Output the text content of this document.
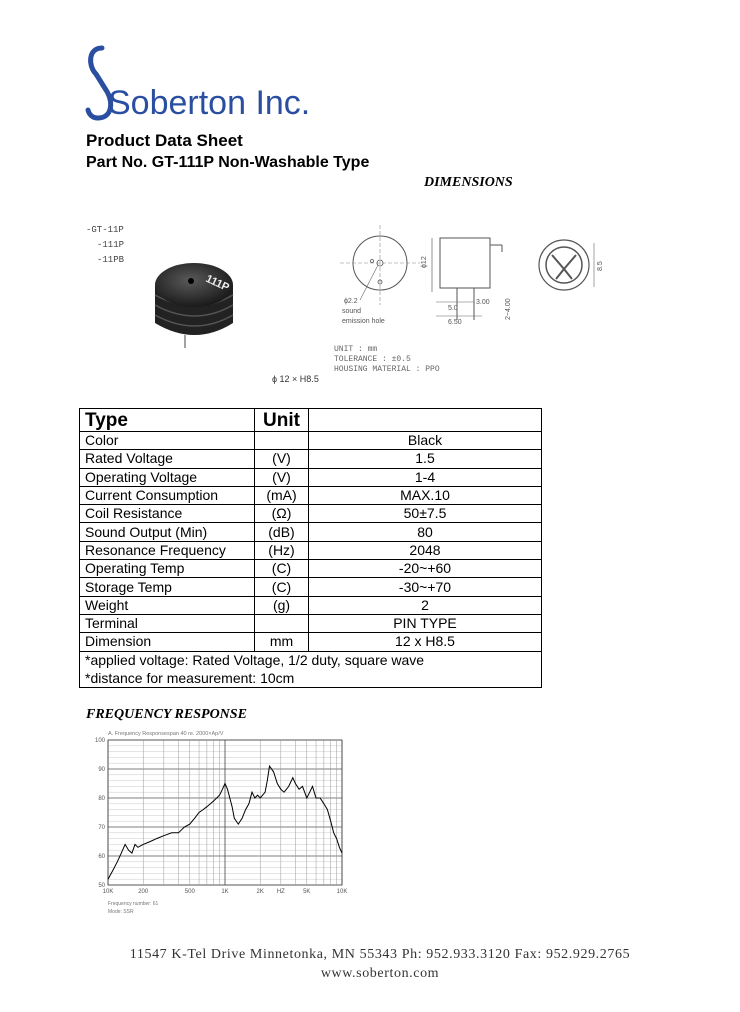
Soberton Inc.
Product Data Sheet
Part No. GT-111P Non-Washable Type
DIMENSIONS
-GT-11P
-111P
-11PB
111P
ϕ2.2
sound
emission hole
ϕ12
5.0
6.50
3.00 2~4.00
8.5
UNIT : mm
TOLERANCE : ±0.5
HOUSING MATERIAL : PPO
ϕ 12 × H8.5
Type	Unit	
Color		Black
Rated Voltage	(V)	1.5
Operating Voltage	(V)	1-4
Current Consumption	(mA)	MAX.10
Coil Resistance	(Ω)	50±7.5
Sound Output (Min)	(dB)	80
Resonance Frequency	(Hz)	2048
Operating Temp	(C)	-20~+60
Storage Temp	(C)	-30~+70
Weight	(g)	2
Terminal		PIN TYPE
Dimension	mm	12 x H8.5
*applied voltage: Rated Voltage, 1/2 duty, square wave		
*distance for measurement: 10cm		
FREQUENCY RESPONSE
A. Frequency Responsespan 40 re. 2000×Ap/V
50
60
70
80
90
100
10K	200	500	1K	2K HZ	5K	10K
Frequency number: 61
Mode: SSR
11547 K-Tel Drive Minnetonka, MN 55343 Ph: 952.933.3120 Fax: 952.929.2765
www.soberton.com
